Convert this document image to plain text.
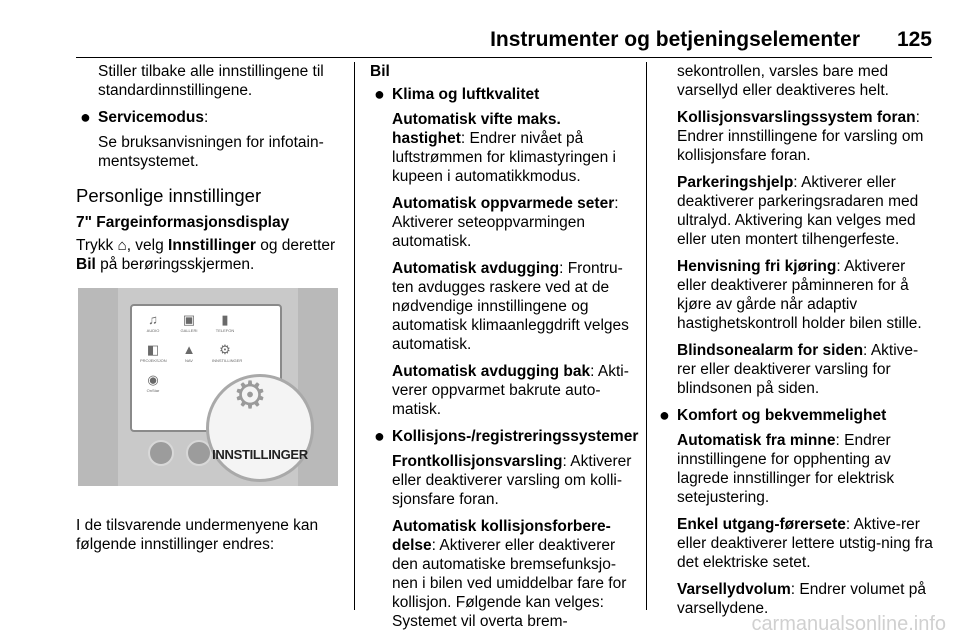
Instrumenter og betjeningselementer 125

Stiller tilbake alle innstillingene til standardinnstillingene.

● Servicemodus:

Se bruksanvisningen for infotain-mentsystemet.

Personlige innstillinger
7" Fargeinformasjonsdisplay

Trykk ⌂, velg Innstillinger og deretter Bil på berøringsskjermen.

♫
AUDIO
▣
GALLERI
▮
TELEFON
◧
PROJEKSJON
▲
NAV
⚙
INNSTILLINGER
◉
OnStar ⚙
INNSTILLINGER

I de tilsvarende undermenyene kan følgende innstillinger endres:

Bil
● Klima og luftkvalitet

Automatisk vifte maks. hastighet: Endrer nivået på luftstrømmen for klimastyringen i kupeen i automatikkmodus.

Automatisk oppvarmede seter: Aktiverer seteoppvarmingen automatisk.

Automatisk avdugging: Frontru-ten avdugges raskere ved at de nødvendige innstillingene og automatisk klimaanleggdrift velges automatisk.

Automatisk avdugging bak: Akti-verer oppvarmet bakrute auto-matisk.

● Kollisjons-/registreringssystemer

Frontkollisjonsvarsling: Aktiverer eller deaktiverer varsling om kolli-sjonsfare foran.

Automatisk kollisjonsforbere-delse: Aktiverer eller deaktiverer den automatiske bremsefunksjo-nen i bilen ved umiddelbar fare for kollisjon. Følgende kan velges: Systemet vil overta brem-

sekontrollen, varsles bare med varsellyd eller deaktiveres helt.

Kollisjonsvarslingssystem foran: Endrer innstillingene for varsling om kollisjonsfare foran.

Parkeringshjelp: Aktiverer eller deaktiverer parkeringsradaren med ultralyd. Aktivering kan velges med eller uten montert tilhengerfeste.

Henvisning fri kjøring: Aktiverer eller deaktiverer påminneren for å kjøre av gårde når adaptiv hastighetskontroll holder bilen stille.

Blindsonealarm for siden: Aktive-rer eller deaktiverer varsling for blindsonen på siden.

● Komfort og bekvemmelighet

Automatisk fra minne: Endrer innstillingene for opphenting av lagrede innstillinger for elektrisk setejustering.

Enkel utgang-førersete: Aktive-rer eller deaktiverer lettere utstig-ning fra det elektriske setet.

Varsellydvolum: Endrer volumet på varsellydene.

carmanualsonline.info
